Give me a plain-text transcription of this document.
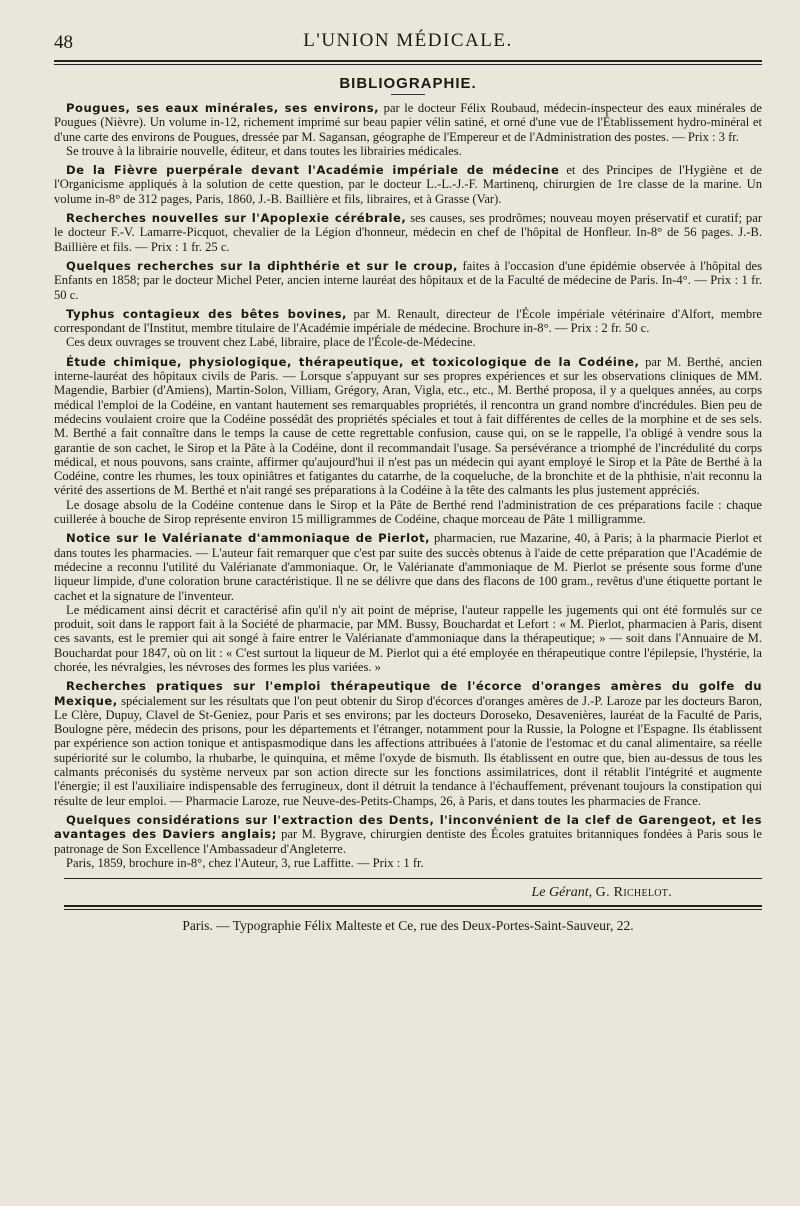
48	L'UNION MÉDICALE.
BIBLIOGRAPHIE.

Pougues, ses eaux minérales, ses environs, par le docteur Félix Roubaud, médecin-inspecteur des eaux minérales de Pougues (Nièvre). Un volume in-12, richement imprimé sur beau papier vélin satiné, et orné d'une vue de l'Établissement hydro-minéral et d'une carte des environs de Pougues, dressée par M. Sagansan, géographe de l'Empereur et de l'Administration des postes. — Prix : 3 fr.

Se trouve à la librairie nouvelle, éditeur, et dans toutes les librairies médicales.

De la Fièvre puerpérale devant l'Académie impériale de médecine et des Principes de l'Hygiène et de l'Organicisme appliqués à la solution de cette question, par le docteur L.-L.-J.-F. Martinenq, chirurgien de 1re classe de la marine. Un volume in-8° de 312 pages, Paris, 1860, J.-B. Baillière et fils, libraires, et à Grasse (Var).

Recherches nouvelles sur l'Apoplexie cérébrale, ses causes, ses prodrômes; nouveau moyen préservatif et curatif; par le docteur F.-V. Lamarre-Picquot, chevalier de la Légion d'honneur, médecin en chef de l'hôpital de Honfleur. In-8° de 56 pages. J.-B. Baillière et fils. — Prix : 1 fr. 25 c.

Quelques recherches sur la diphthérie et sur le croup, faites à l'occasion d'une épidémie observée à l'hôpital des Enfants en 1858; par le docteur Michel Peter, ancien interne lauréat des hôpitaux et de la Faculté de médecine de Paris. In-4°. — Prix : 1 fr. 50 c.

Typhus contagieux des bêtes bovines, par M. Renault, directeur de l'École impériale vétérinaire d'Alfort, membre correspondant de l'Institut, membre titulaire de l'Académie impériale de médecine. Brochure in-8°. — Prix : 2 fr. 50 c.

Ces deux ouvrages se trouvent chez Labé, libraire, place de l'École-de-Médecine.

Étude chimique, physiologique, thérapeutique, et toxicologique de la Codéine, par M. Berthé, ancien interne-lauréat des hôpitaux civils de Paris. — Lorsque s'appuyant sur ses propres expériences et sur les observations cliniques de MM. Magendie, Barbier (d'Amiens), Martin-Solon, Villiam, Grégory, Aran, Vigla, etc., etc., M. Berthé proposa, il y a quelques années, au corps médical l'emploi de la Codéine, en vantant hautement ses remarquables propriétés, il rencontra un grand nombre d'incrédules. Bien peu de médecins voulaient croire que la Codéine possédât des propriétés spéciales et tout à fait différentes de celles de la morphine et de ses sels. M. Berthé a fait connaître dans le temps la cause de cette regrettable confusion, cause qui, on se le rappelle, l'a obligé à vendre sous la garantie de son cachet, le Sirop et la Pâte à la Codéine, dont il recommandait l'usage. Sa persévérance a triomphé de l'incrédulité du corps médical, et nous pouvons, sans crainte, affirmer qu'aujourd'hui il n'est pas un médecin qui ayant employé le Sirop et la Pâte de Berthé à la Codéine, contre les rhumes, les toux opiniâtres et fatigantes du catarrhe, de la coqueluche, de la bronchite et de la phthisie, n'ait reconnu la vérité des assertions de M. Berthé et n'ait rangé ses préparations à la Codéine à la tête des calmants les plus justement appréciés.

Le dosage absolu de la Codéine contenue dans le Sirop et la Pâte de Berthé rend l'administration de ces préparations facile : chaque cuillerée à bouche de Sirop représente environ 15 milligrammes de Codéine, chaque morceau de Pâte 1 milligramme.

Notice sur le Valérianate d'ammoniaque de Pierlot, pharmacien, rue Mazarine, 40, à Paris; à la pharmacie Pierlot et dans toutes les pharmacies. — L'auteur fait remarquer que c'est par suite des succès obtenus à l'aide de cette préparation que l'Académie de médecine a reconnu l'utilité du Valérianate d'ammoniaque. Or, le Valérianate d'ammoniaque de M. Pierlot se présente sous forme d'une liqueur limpide, d'une coloration brune caractéristique. Il ne se délivre que dans des flacons de 100 gram., revêtus d'une étiquette portant le cachet et la signature de l'inventeur.

Le médicament ainsi décrit et caractérisé afin qu'il n'y ait point de méprise, l'auteur rappelle les jugements qui ont été formulés sur ce produit, soit dans le rapport fait à la Société de pharmacie, par MM. Bussy, Bouchardat et Lefort : « M. Pierlot, pharmacien à Paris, disent ces savants, est le premier qui ait songé à faire entrer le Valérianate d'ammoniaque dans la thérapeutique; » — soit dans l'Annuaire de M. Bouchardat pour 1847, où on lit : « C'est surtout la liqueur de M. Pierlot qui a été employée en thérapeutique contre l'épilepsie, l'hystérie, la chorée, les névralgies, les névroses des formes les plus variées. »

Recherches pratiques sur l'emploi thérapeutique de l'écorce d'oranges amères du golfe du Mexique, spécialement sur les résultats que l'on peut obtenir du Sirop d'écorces d'oranges amères de J.-P. Laroze par les docteurs Baron, Le Clère, Dupuy, Clavel de St-Geniez, pour Paris et ses environs; par les docteurs Doroseko, Desavenières, lauréat de la Faculté de Paris, Boulogne père, médecin des prisons, pour les départements et l'étranger, notamment pour la Russie, la Pologne et l'Espagne. Ils établissent par expérience son action tonique et antispasmodique dans les affections attribuées à l'atonie de l'estomac et du canal alimentaire, sa réelle supériorité sur le columbo, la rhubarbe, le quinquina, et même l'oxyde de bismuth. Ils établissent en outre que, bien au-dessus de tous les calmants préconisés du système nerveux par son action directe sur les fonctions assimilatrices, dont il rétablit l'intégrité et augmente l'énergie; il est l'auxiliaire indispensable des ferrugineux, dont il détruit la tendance à l'échauffement, prévenant toujours la constipation qui résulte de leur emploi. — Pharmacie Laroze, rue Neuve-des-Petits-Champs, 26, à Paris, et dans toutes les pharmacies de France.

Quelques considérations sur l'extraction des Dents, l'inconvénient de la clef de Garengeot, et les avantages des Daviers anglais; par M. Bygrave, chirurgien dentiste des Écoles gratuites britanniques fondées à Paris sous le patronage de Son Excellence l'Ambassadeur d'Angleterre.

Paris, 1859, brochure in-8°, chez l'Auteur, 3, rue Laffitte. — Prix : 1 fr.

Le Gérant, G. Richelot.
Paris. — Typographie Félix Malteste et Ce, rue des Deux-Portes-Saint-Sauveur, 22.
